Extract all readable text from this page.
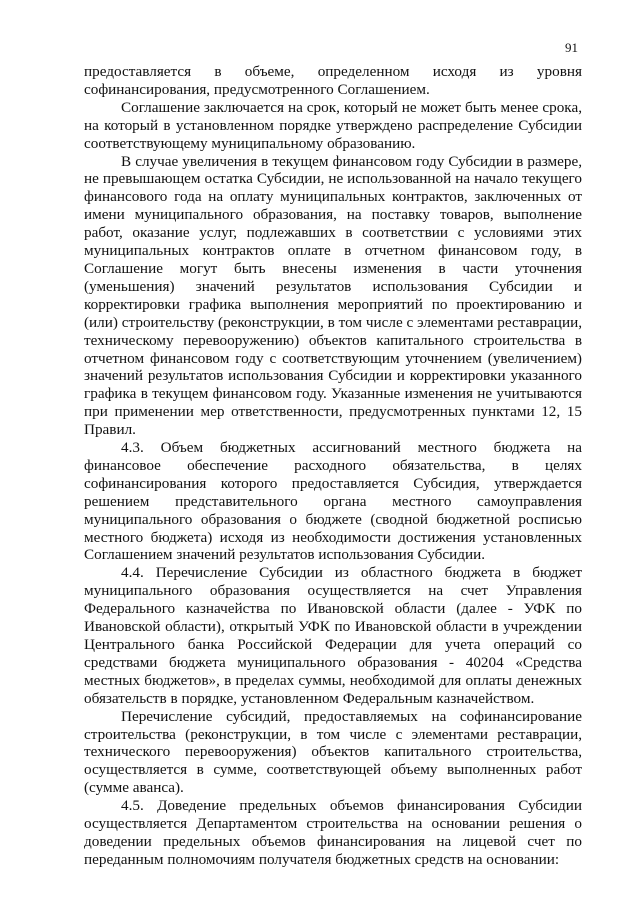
91

предоставляется в объеме, определенном исходя из уровня софинансирования, предусмотренного Соглашением.

Соглашение заключается на срок, который не может быть менее срока, на который в установленном порядке утверждено распределение Субсидии соответствующему муниципальному образованию.

В случае увеличения в текущем финансовом году Субсидии в размере, не превышающем остатка Субсидии, не использованной на начало текущего финансового года на оплату муниципальных контрактов, заключенных от имени муниципального образования, на поставку товаров, выполнение работ, оказание услуг, подлежавших в соответствии с условиями этих муниципальных контрактов оплате в отчетном финансовом году, в Соглашение могут быть внесены изменения в части уточнения (уменьшения) значений результатов использования Субсидии и корректировки графика выполнения мероприятий по проектированию и (или) строительству (реконструкции, в том числе с элементами реставрации, техническому перевооружению) объектов капитального строительства в отчетном финансовом году с соответствующим уточнением (увеличением) значений результатов использования Субсидии и корректировки указанного графика в текущем финансовом году. Указанные изменения не учитываются при применении мер ответственности, предусмотренных пунктами 12, 15 Правил.

4.3. Объем бюджетных ассигнований местного бюджета на финансовое обеспечение расходного обязательства, в целях софинансирования которого предоставляется Субсидия, утверждается решением представительного органа местного самоуправления муниципального образования о бюджете (сводной бюджетной росписью местного бюджета) исходя из необходимости достижения установленных Соглашением значений результатов использования Субсидии.

4.4. Перечисление Субсидии из областного бюджета в бюджет муниципального образования осуществляется на счет Управления Федерального казначейства по Ивановской области (далее - УФК по Ивановской области), открытый УФК по Ивановской области в учреждении Центрального банка Российской Федерации для учета операций со средствами бюджета муниципального образования - 40204 «Средства местных бюджетов», в пределах суммы, необходимой для оплаты денежных обязательств в порядке, установленном Федеральным казначейством.

Перечисление субсидий, предоставляемых на софинансирование строительства (реконструкции, в том числе с элементами реставрации, технического перевооружения) объектов капитального строительства, осуществляется в сумме, соответствующей объему выполненных работ (сумме аванса).

4.5. Доведение предельных объемов финансирования Субсидии осуществляется Департаментом строительства на основании решения о доведении предельных объемов финансирования на лицевой счет по переданным полномочиям получателя бюджетных средств на основании:
